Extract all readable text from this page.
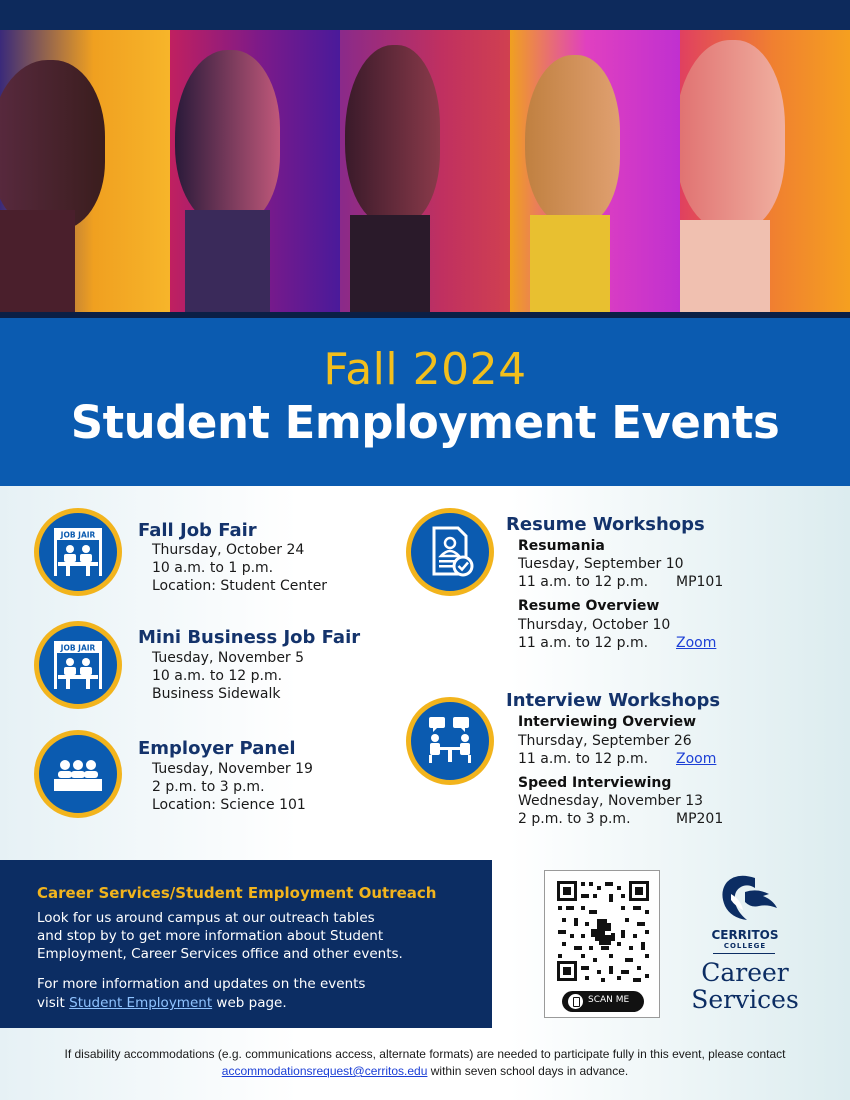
Fall 2024
Student Employment Events
JOB JAIR Fall Job Fair
Thursday, October 24
10 a.m. to 1 p.m.
Location: Student Center
JOB JAIR Mini Business Job Fair
Tuesday, November 5
10 a.m. to 12 p.m.
Business Sidewalk
Employer Panel
Tuesday, November 19
2 p.m. to 3 p.m.
Location: Science 101
Resume Workshops
Resumania
Tuesday, September 10
11 a.m. to 12 p.m. MP101
Resume Overview
Thursday, October 10
11 a.m. to 12 p.m. Zoom
Interview Workshops
Interviewing Overview
Thursday, September 26
11 a.m. to 12 p.m. Zoom
Speed Interviewing
Wednesday, November 13
2 p.m. to 3 p.m.	MP201
Career Services/Student Employment Outreach
Look for us around campus at our outreach tables
and stop by to get more information about Student
Employment, Career Services office and other events.
For more information and updates on the events
visit Student Employment web page.	SCAN ME
CERRITOS
COLLEGE
Career
Services
If disability accommodations (e.g. communications access, alternate formats) are needed to participate fully in this event, please contact
accommodationsrequest@cerritos.edu within seven school days in advance.
